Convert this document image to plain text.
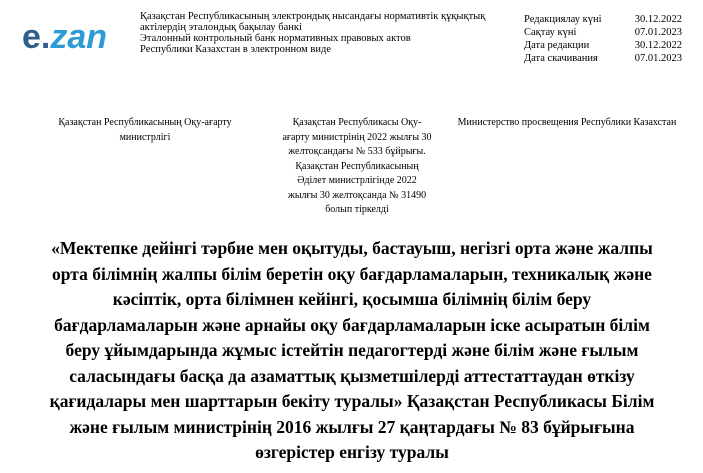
e.zan
Қазақстан Республикасының электрондық нысандағы нормативтік құқықтық
актілердің эталондық бақылау банкі
Эталонный контрольный банк нормативных правовых актов
Республики Казахстан в электронном виде
Редакциялау күні	30.12.2022
Сақтау күні	07.01.2023
Дата редакции	30.12.2022
Дата скачивания	07.01.2023
Қазақстан Республикасының Оқу-ағарту
министрлігі
Қазақстан Республикасы Оқу-
ағарту министрінің 2022 жылғы 30
желтоқсандағы № 533 бұйрығы.
Қазақстан Республикасының
Әділет министрлігінде 2022
жылғы 30 желтоқсанда № 31490
болып тіркелді
Министерство просвещения Республики Казахстан
«Мектепке дейінгі тәрбие мен оқытуды, бастауыш, негізгі орта және жалпы
орта білімнің жалпы білім беретін оқу бағдарламаларын, техникалық және
кәсіптік, орта білімнен кейінгі, қосымша білімнің білім беру
бағдарламаларын және арнайы оқу бағдарламаларын іске асыратын білім
беру ұйымдарында жұмыс істейтін педагогтерді және білім және ғылым
саласындағы басқа да азаматтық қызметшілерді аттестаттаудан өткізу
қағидалары мен шарттарын бекіту туралы» Қазақстан Республикасы Білім
және ғылым министрінің 2016 жылғы 27 қаңтардағы № 83 бұйрығына
өзгерістер енгізу туралы
